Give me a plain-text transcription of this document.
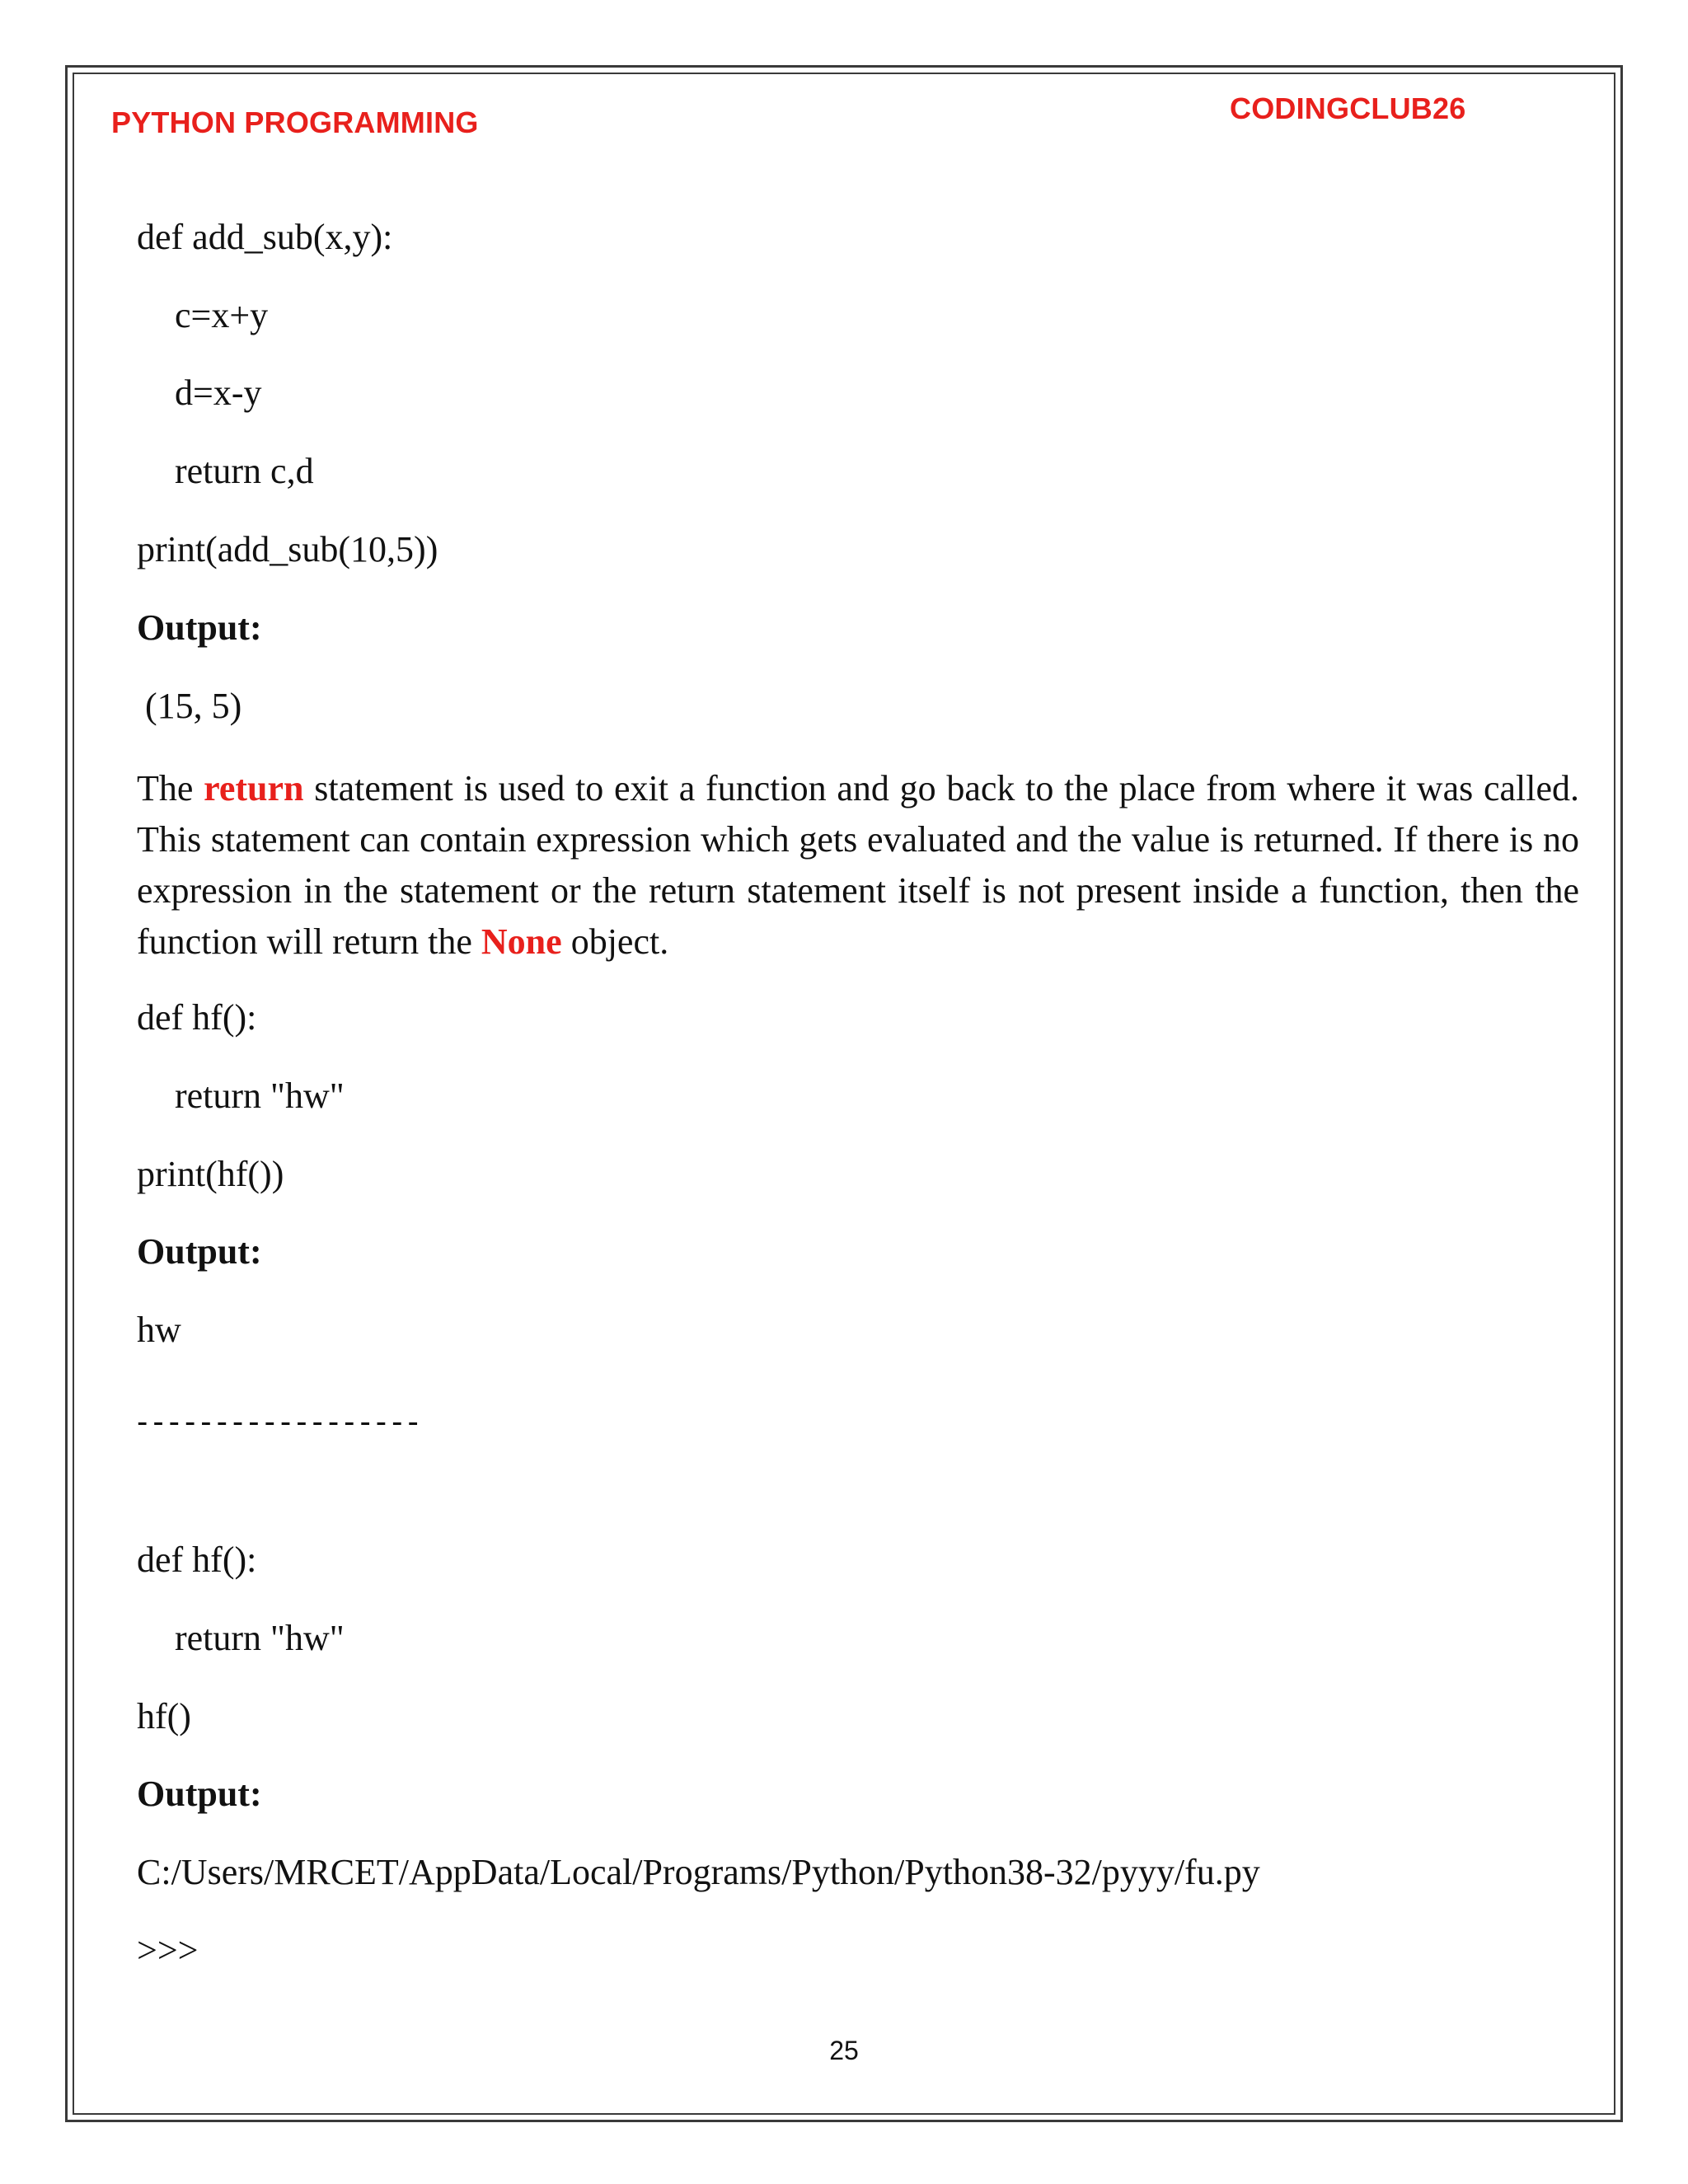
PYTHON PROGRAMMING	CODINGCLUB26

def add_sub(x,y):

c=x+y

d=x-y

return c,d

print(add_sub(10,5))

Output:

(15, 5)

The return statement is used to exit a function and go back to the place from where it was called. This statement can contain expression which gets evaluated and the value is returned. If there is no expression in the statement or the return statement itself is not present inside a function, then the function will return the None object.

def hf():

return "hw"

print(hf())

Output:

hw

------------------

def hf():

return "hw"

hf()

Output:

C:/Users/MRCET/AppData/Local/Programs/Python/Python38-32/pyyy/fu.py

>>>

25
